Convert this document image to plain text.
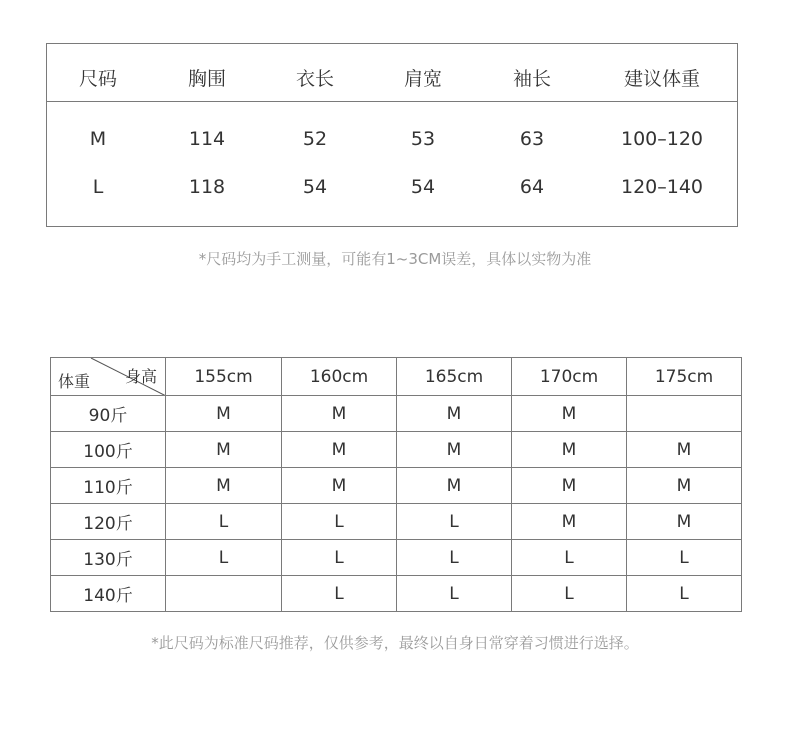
尺码	胸围	衣长	肩宽	袖长	建议体重
M	114	52	53	63	100–120
L	118	54	54	64	120–140
*尺码均为手工测量，可能有1~3CM误差，具体以实物为准
身高
体重	155cm	160cm	165cm	170cm	175cm
90斤	M	M	M	M	
100斤	M	M	M	M	M
110斤	M	M	M	M	M
120斤	L	L	L	M	M
130斤	L	L	L	L	L
140斤		L	L	L	L
*此尺码为标准尺码推荐，仅供参考，最终以自身日常穿着习惯进行选择。
